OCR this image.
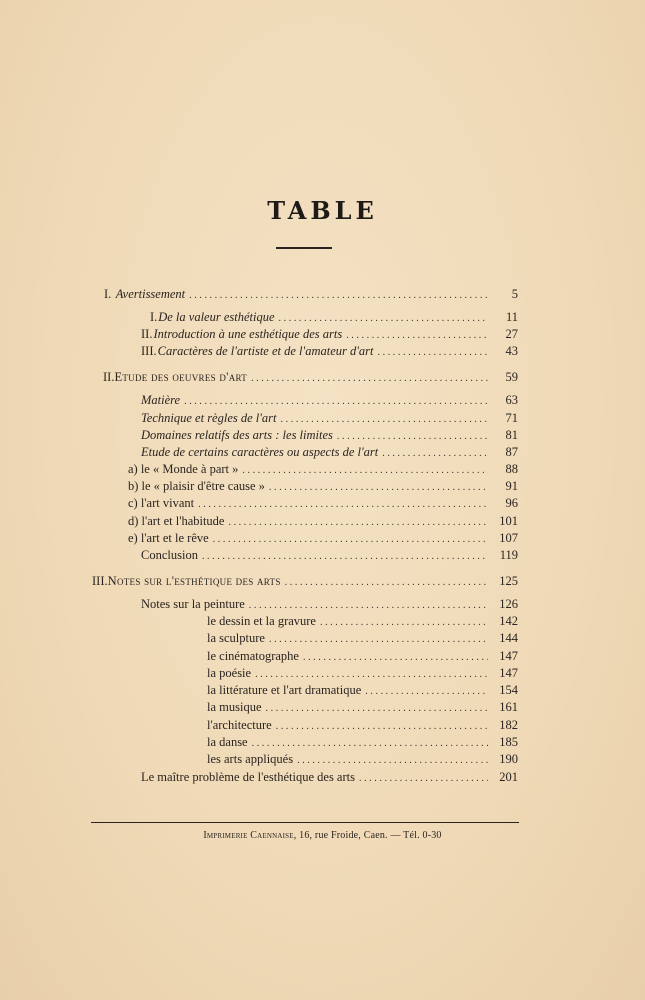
TABLE
I. Avertissement .....	5
I. De la valeur esthétique .....	11
II. Introduction à une esthétique des arts .....	27
III. Caractères de l'artiste et de l'amateur d'art .....	43
II. Etude des oeuvres d'art .....	59
Matière .....	63
Technique et règles de l'art .....	71
Domaines relatifs des arts : les limites .....	81
Etude de certains caractères ou aspects de l'art .....	87
a) le « Monde à part » .....	88
b) le « plaisir d'être cause » .....	91
c) l'art vivant .....	96
d) l'art et l'habitude .....	101
e) l'art et le rêve .....	107
Conclusion .....	119
III. Notes sur l'esthétique des arts .....	125
Notes sur la peinture .....	126
le dessin et la gravure .....	142
la sculpture .....	144
le cinématographe .....	147
la poésie .....	147
la littérature et l'art dramatique .....	154
la musique .....	161
l'architecture .....	182
la danse .....	185
les arts appliqués .....	190
Le maître problème de l'esthétique des arts .....	201
Imprimerie Caennaise, 16, rue Froide, Caen. — Tél. 0-30
